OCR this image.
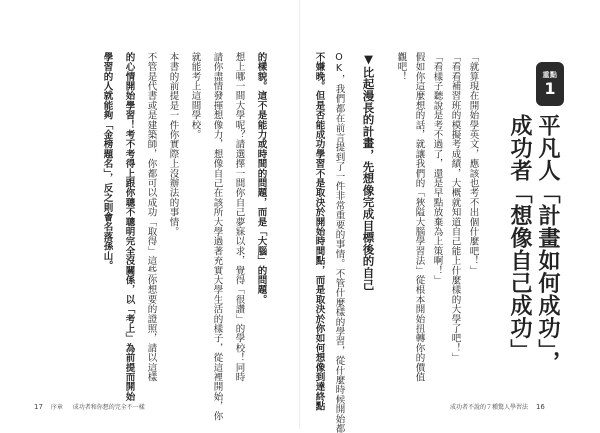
的樣貌。這不是能力或時間的問題，而是「大腦」的問題。
想上哪一間大學呢？請選擇一間你自己夢寐以求，覺得「很讚」的學校！同時
請你盡情發揮想像力，想像自己在該所大學過著充實大學生活的樣子，從這裡開始，你
就能考上這間學校。
本書的前提是一件你實際上沒辦法的事情。
不管是代書或是建築師，你都可以成功「取得」這些你想要的證照，請以這樣
的心情開始學習！考不考得上跟你聰不聰明完全沒關係，以「考上」為前提而開始
學習的人就能夠「金榜題名」，反之則會名落孫山。
17 序章 成功者和你想的完全不一樣
重點
1
平凡人「計畫如何成功」，
成功者「想像自己成功」
「就算現在開始學英文，應該也考不出個什麼吧！」
「看看補習班的模擬考成績，大概就知道自己能上什麼樣的大學了吧！」
「看樣子聽說是考不過了，還是早點放棄為上策啊！」
假如你這麼想的話，就讓我們的「狹隘大腦學習法」從根本開始扭轉你的價值
觀吧！
▼比起漫長的計畫，先想像完成目標後的自己
OK，我們都在前言提到了一件非常重要的事情。不管什麼樣的學習，從什麼時候開始都
不嫌晚。但是否能成功學習不是取決於開始時間點，而是取決於你如何想像到達終點	成功者不說的７種驚人學習法 16
